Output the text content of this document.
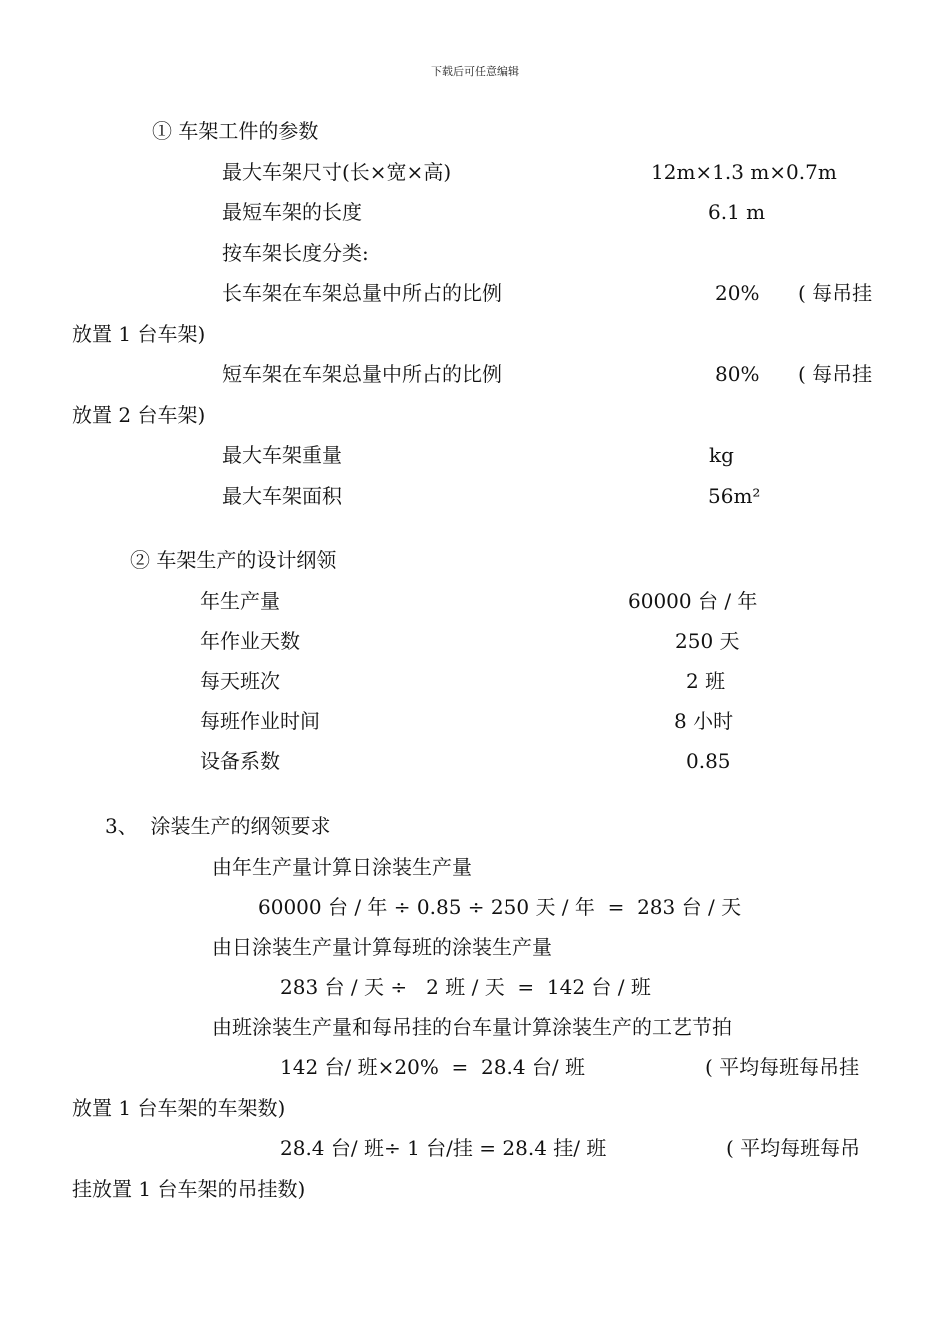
下载后可任意编辑
① 车架工件的参数
最大车架尺寸(长×宽×高)	12m×1.3 m×0.7m
最短车架的长度	6.1 m
按车架长度分类:
长车架在车架总量中所占的比例	20% ( 每吊挂
放置 1 台车架)
短车架在车架总量中所占的比例	80% ( 每吊挂
放置 2 台车架)
最大车架重量	kg
最大车架面积	56m²
② 车架生产的设计纲领
年生产量	60000 台 / 年
年作业天数	250 天
每天班次	2 班
每班作业时间	8 小时
设备系数	0.85
3、  涂装生产的纲领要求
由年生产量计算日涂装生产量
60000 台 / 年 ÷ 0.85 ÷ 250 天 / 年  =  283 台 / 天
由日涂装生产量计算每班的涂装生产量
283 台 / 天 ÷   2 班 / 天  =  142 台 / 班
由班涂装生产量和每吊挂的台车量计算涂装生产的工艺节拍
142 台/ 班×20%  =  28.4 台/ 班	( 平均每班每吊挂
放置 1 台车架的车架数)
28.4 台/ 班÷ 1 台/挂 = 28.4 挂/ 班	( 平均每班每吊
挂放置 1 台车架的吊挂数)
